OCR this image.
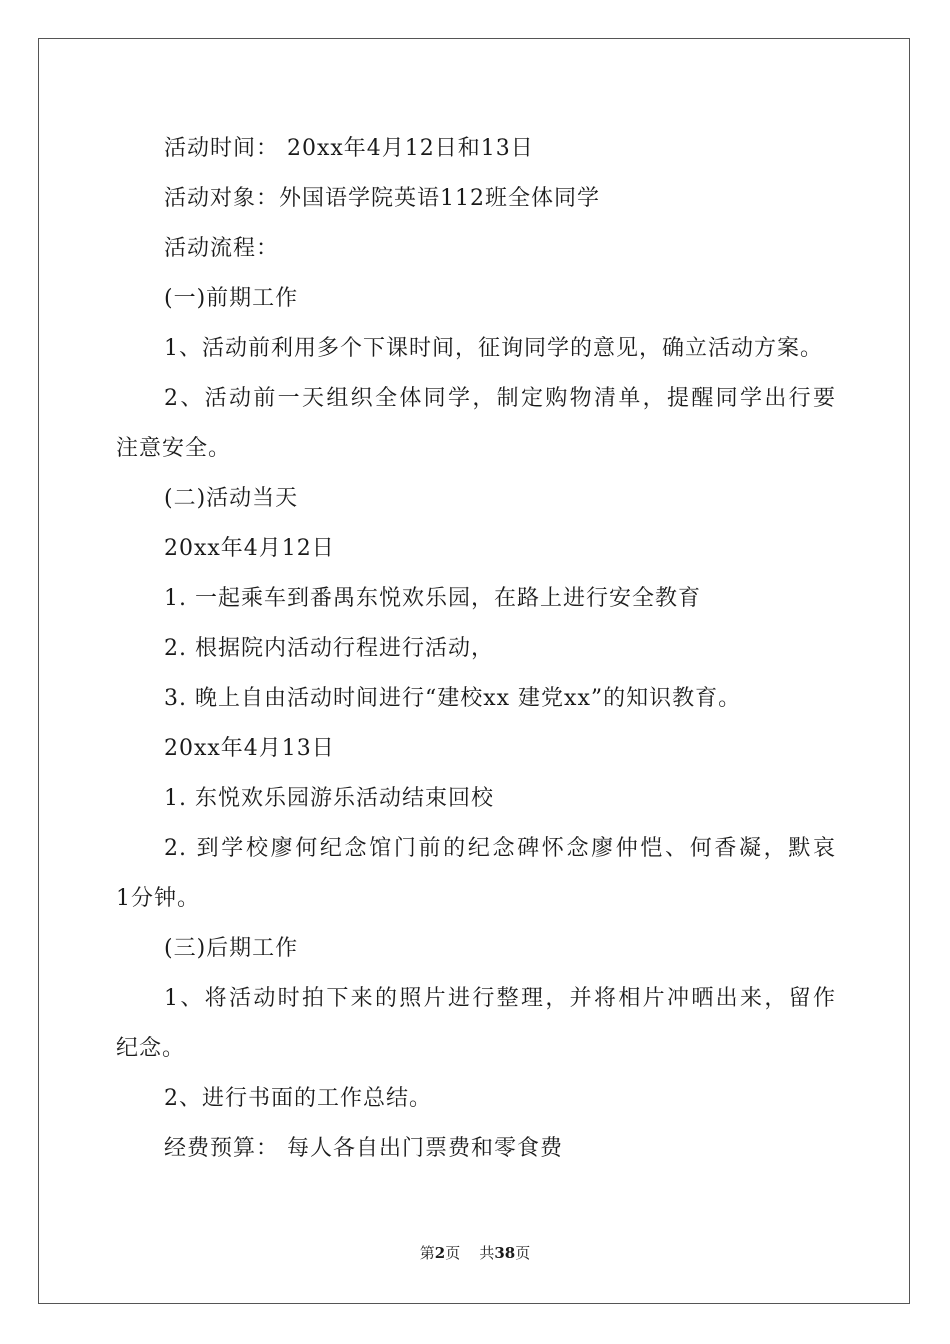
活动时间： 20xx年4月12日和13日
活动对象：外国语学院英语112班全体同学
活动流程：
(一)前期工作
1、活动前利用多个下课时间，征询同学的意见，确立活动方案。
2、活动前一天组织全体同学，制定购物清单，提醒同学出行要
注意安全。
(二)活动当天
20xx年4月12日
1. 一起乘车到番禺东悦欢乐园，在路上进行安全教育
2. 根据院内活动行程进行活动，
3. 晚上自由活动时间进行“建校xx 建党xx”的知识教育。
20xx年4月13日
1. 东悦欢乐园游乐活动结束回校
2. 到学校廖何纪念馆门前的纪念碑怀念廖仲恺、何香凝，默哀
1分钟。
(三)后期工作
1、将活动时拍下来的照片进行整理，并将相片冲晒出来，留作
纪念。
2、进行书面的工作总结。
经费预算： 每人各自出门票费和零食费
第2页 共38页
